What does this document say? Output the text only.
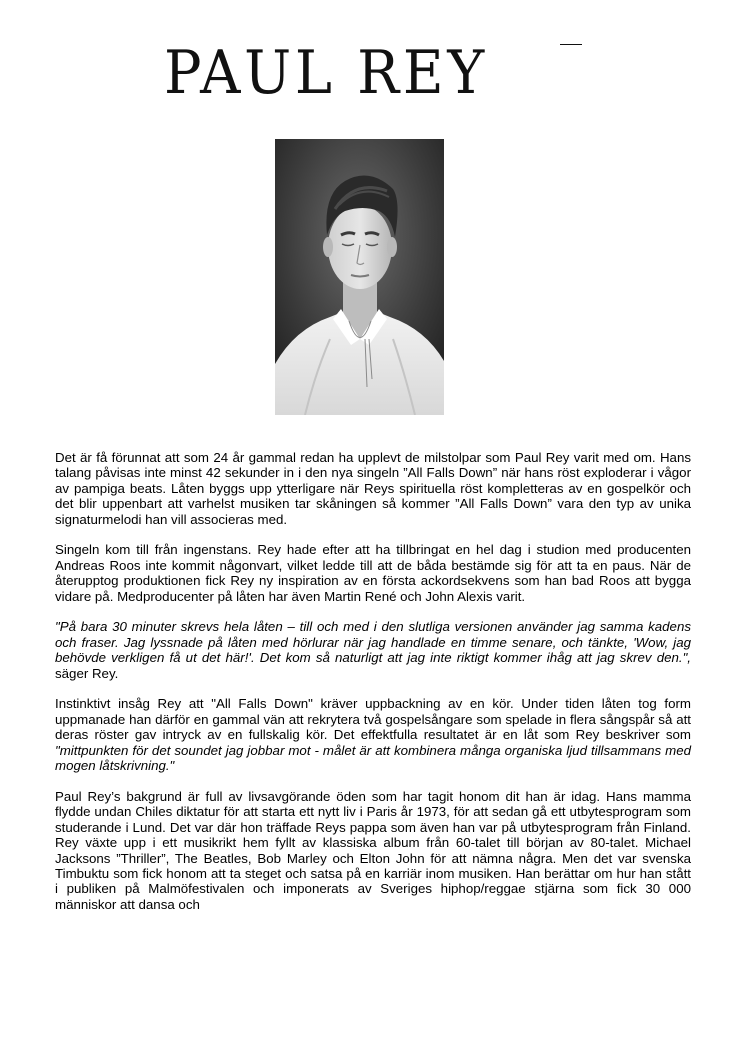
PAUL REY

Det är få förunnat att som 24 år gammal redan ha upplevt de milstolpar som Paul Rey varit med om. Hans talang påvisas inte minst 42 sekunder in i den nya singeln ”All Falls Down” när hans röst exploderar i vågor av pampiga beats. Låten byggs upp ytterligare när Reys spirituella röst kompletteras av en gospelkör och det blir uppenbart att varhelst musiken tar skåningen så kommer ”All Falls Down” vara den typ av unika signaturmelodi han vill associeras med.

Singeln kom till från ingenstans. Rey hade efter att ha tillbringat en hel dag i studion med producenten Andreas Roos inte kommit någonvart, vilket ledde till att de båda bestämde sig för att ta en paus. När de återupptog produktionen fick Rey ny inspiration av en första ackordsekvens som han bad Roos att bygga vidare på. Medproducenter på låten har även Martin René och John Alexis varit.

"På bara 30 minuter skrevs hela låten – till och med i den slutliga versionen använder jag samma kadens och fraser. Jag lyssnade på låten med hörlurar när jag handlade en timme senare, och tänkte, 'Wow, jag behövde verkligen få ut det här!'. Det kom så naturligt att jag inte riktigt kommer ihåg att jag skrev den.", säger Rey.

Instinktivt insåg Rey att "All Falls Down" kräver uppbackning av en kör. Under tiden låten tog form uppmanade han därför en gammal vän att rekrytera två gospelsångare som spelade in flera sångspår så att deras röster gav intryck av en fullskalig kör. Det effektfulla resultatet är en låt som Rey beskriver som "mittpunkten för det soundet jag jobbar mot - målet är att kombinera många organiska ljud tillsammans med mogen låtskrivning."

Paul Rey’s bakgrund är full av livsavgörande öden som har tagit honom dit han är idag. Hans mamma flydde undan Chiles diktatur för att starta ett nytt liv i Paris år 1973, för att sedan gå ett utbytesprogram som studerande i Lund. Det var där hon träffade Reys pappa som även han var på utbytesprogram från Finland. Rey växte upp i ett musikrikt hem fyllt av klassiska album från 60-talet till början av 80-talet. Michael Jacksons ”Thriller”, The Beatles, Bob Marley och Elton John för att nämna några. Men det var svenska Timbuktu som fick honom att ta steget och satsa på en karriär inom musiken. Han berättar om hur han stått i publiken på Malmöfestivalen och imponerats av Sveriges hiphop/reggae stjärna som fick 30 000 människor att dansa och
